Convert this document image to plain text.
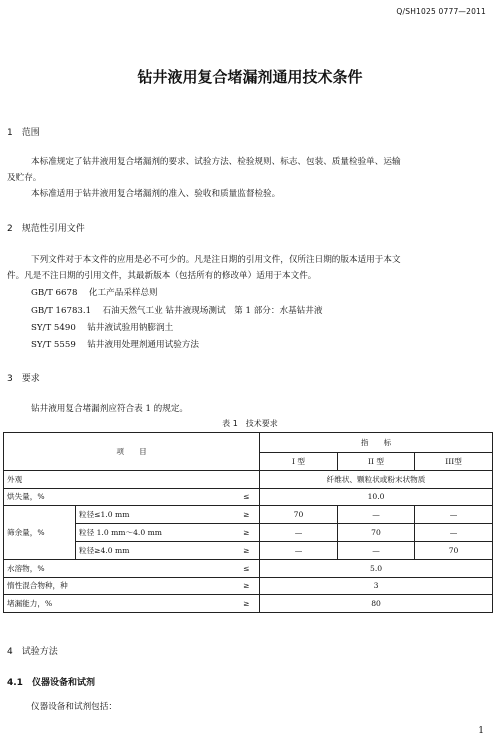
Q/SH1025 0777—2011
钻井液用复合堵漏剂通用技术条件
1　范围
本标准规定了钻井液用复合堵漏剂的要求、试验方法、检验规则、标志、包装、质量检验单、运输
及贮存。
本标准适用于钻井液用复合堵漏剂的准入、验收和质量监督检验。
2　规范性引用文件
下列文件对于本文件的应用是必不可少的。凡是注日期的引用文件，仅所注日期的版本适用于本文
件。凡是不注日期的引用文件，其最新版本（包括所有的修改单）适用于本文件。
GB/T 6678 化工产品采样总则
GB/T 16783.1 石油天然气工业 钻井液现场测试　第 1 部分：水基钻井液
SY/T 5490 钻井液试验用钠膨润土
SY/T 5559 钻井液用处理剂通用试验方法
3　要求
钻井液用复合堵漏剂应符合表 1 的规定。
表 1　技术要求
项　　目			指　　标		
			I 型	II 型	III型
外观			纤维状、颗粒状或粉末状物质		
烘失量，%		≤	10.0		
筛余量，%	粒径≤1.0 mm	≥	70	—	—
	粒径 1.0 mm～4.0 mm	≥	—	70	—
	粒径≥4.0 mm	≥	—	—	70
水溶物，%		≤	5.0		
惰性混合物种，种		≥	3		
堵漏能力，%		≥	80		
4　试验方法
4.1　仪器设备和试剂
仪器设备和试剂包括：
1
